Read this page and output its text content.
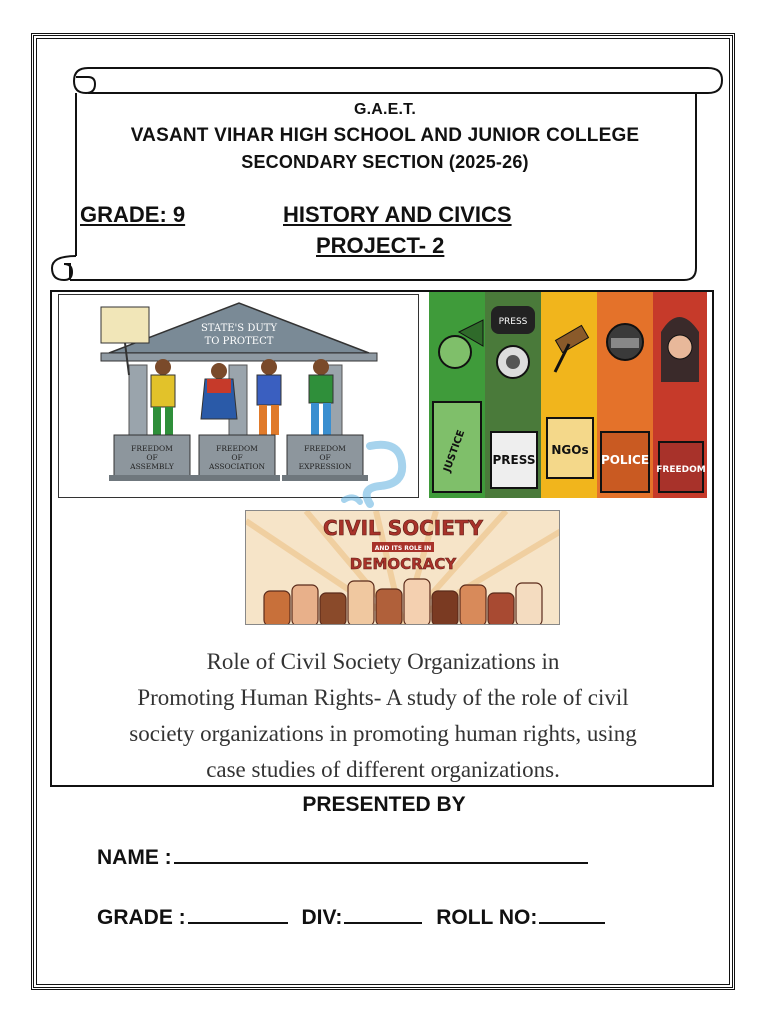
G.A.E.T.
VASANT VIHAR HIGH SCHOOL AND JUNIOR COLLEGE
SECONDARY SECTION (2025-26)
GRADE: 9	HISTORY AND CIVICS
PROJECT- 2
STATE'S DUTY
TO PROTECT
FREEDOM
OF
ASSEMBLY
FREEDOM
OF
ASSOCIATION
FREEDOM
OF
EXPRESSION	JUSTICE
PRESS
PRESS
NGOs
POLICE
FREEDOM
CIVIL SOCIETY
AND ITS ROLE IN
DEMOCRACY
Role of Civil Society Organizations in
Promoting Human Rights- A study of the role of civil
society organizations in promoting human rights, using
case studies of different organizations.
PRESENTED BY
NAME :
GRADE :	DIV:	ROLL NO:
